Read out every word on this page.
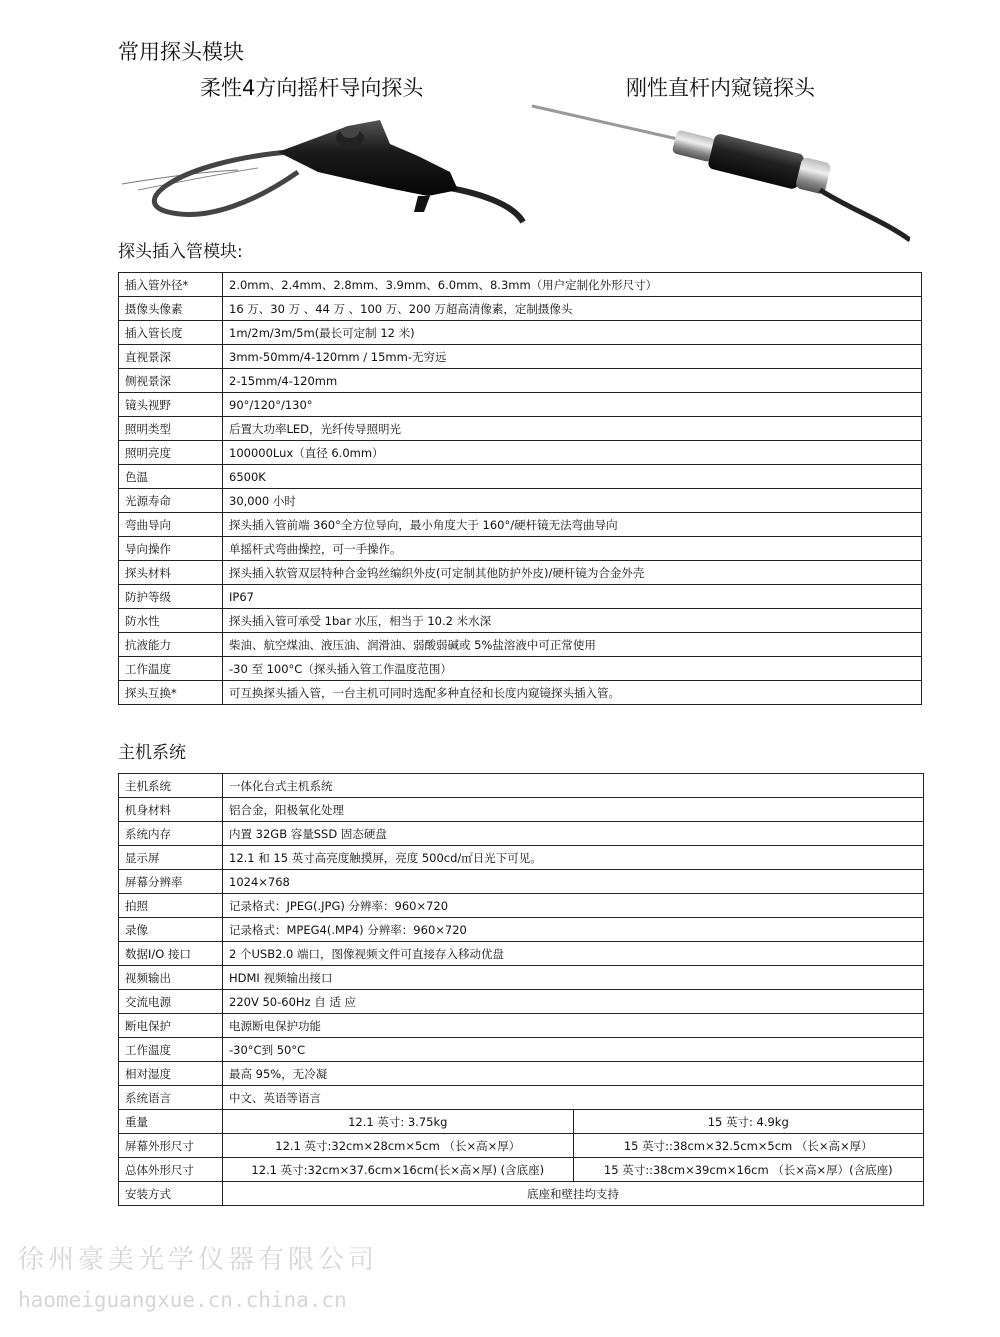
常用探头模块
柔性4方向摇杆导向探头	刚性直杆内窥镜探头
探头插入管模块:
插入管外径*	2.0mm、2.4mm、2.8mm、3.9mm、6.0mm、8.3mm（用户定制化外形尺寸）
摄像头像素	16 万、30 万 、44 万 、100 万、200 万超高清像素，定制摄像头
插入管长度	1m/2m/3m/5m(最长可定制 12 米)
直视景深	3mm-50mm/4-120mm / 15mm-无穷远
侧视景深	2-15mm/4-120mm
镜头视野	90°/120°/130°
照明类型	后置大功率LED，光纤传导照明光
照明亮度	100000Lux（直径 6.0mm）
色温	6500K
光源寿命	30,000 小时
弯曲导向	探头插入管前端 360°全方位导向，最小角度大于 160°/硬杆镜无法弯曲导向
导向操作	单摇杆式弯曲操控，可一手操作。
探头材料	探头插入软管双层特种合金钨丝编织外皮(可定制其他防护外皮)/硬杆镜为合金外壳
防护等级	IP67
防水性	探头插入管可承受 1bar 水压，相当于 10.2 米水深
抗液能力	柴油、航空煤油、液压油、润滑油、弱酸弱碱或 5%盐溶液中可正常使用
工作温度	-30 至 100°C（探头插入管工作温度范围）
探头互换*	可互换探头插入管，一台主机可同时选配多种直径和长度内窥镜探头插入管。
主机系统
主机系统	一体化台式主机系统	
机身材料	铝合金，阳极氧化处理	
系统内存	内置 32GB 容量SSD 固态硬盘	
显示屏	12.1 和 15 英寸高亮度触摸屏，亮度 500cd/㎡日光下可见。	
屏幕分辨率	1024×768	
拍照	记录格式：JPEG(.JPG) 分辨率：960×720	
录像	记录格式：MPEG4(.MP4) 分辨率：960×720	
数据I/O 接口	2 个USB2.0 端口，图像视频文件可直接存入移动优盘	
视频输出	HDMI 视频输出接口	
交流电源	220V 50-60Hz 自 适 应	
断电保护	电源断电保护功能	
工作温度	-30°C到 50°C	
相对湿度	最高 95%，无冷凝	
系统语言	中文、英语等语言	
重量	12.1 英寸: 3.75kg	15 英寸: 4.9kg
屏幕外形尺寸	12.1 英寸:32cm×28cm×5cm （长×高×厚）	15 英寸::38cm×32.5cm×5cm （长×高×厚）
总体外形尺寸	12.1 英寸:32cm×37.6cm×16cm(长×高×厚) (含底座)	15 英寸::38cm×39cm×16cm （长×高×厚）(含底座)
安装方式	底座和壁挂均支持	
徐州豪美光学仪器有限公司
haomeiguangxue.cn.china.cn
